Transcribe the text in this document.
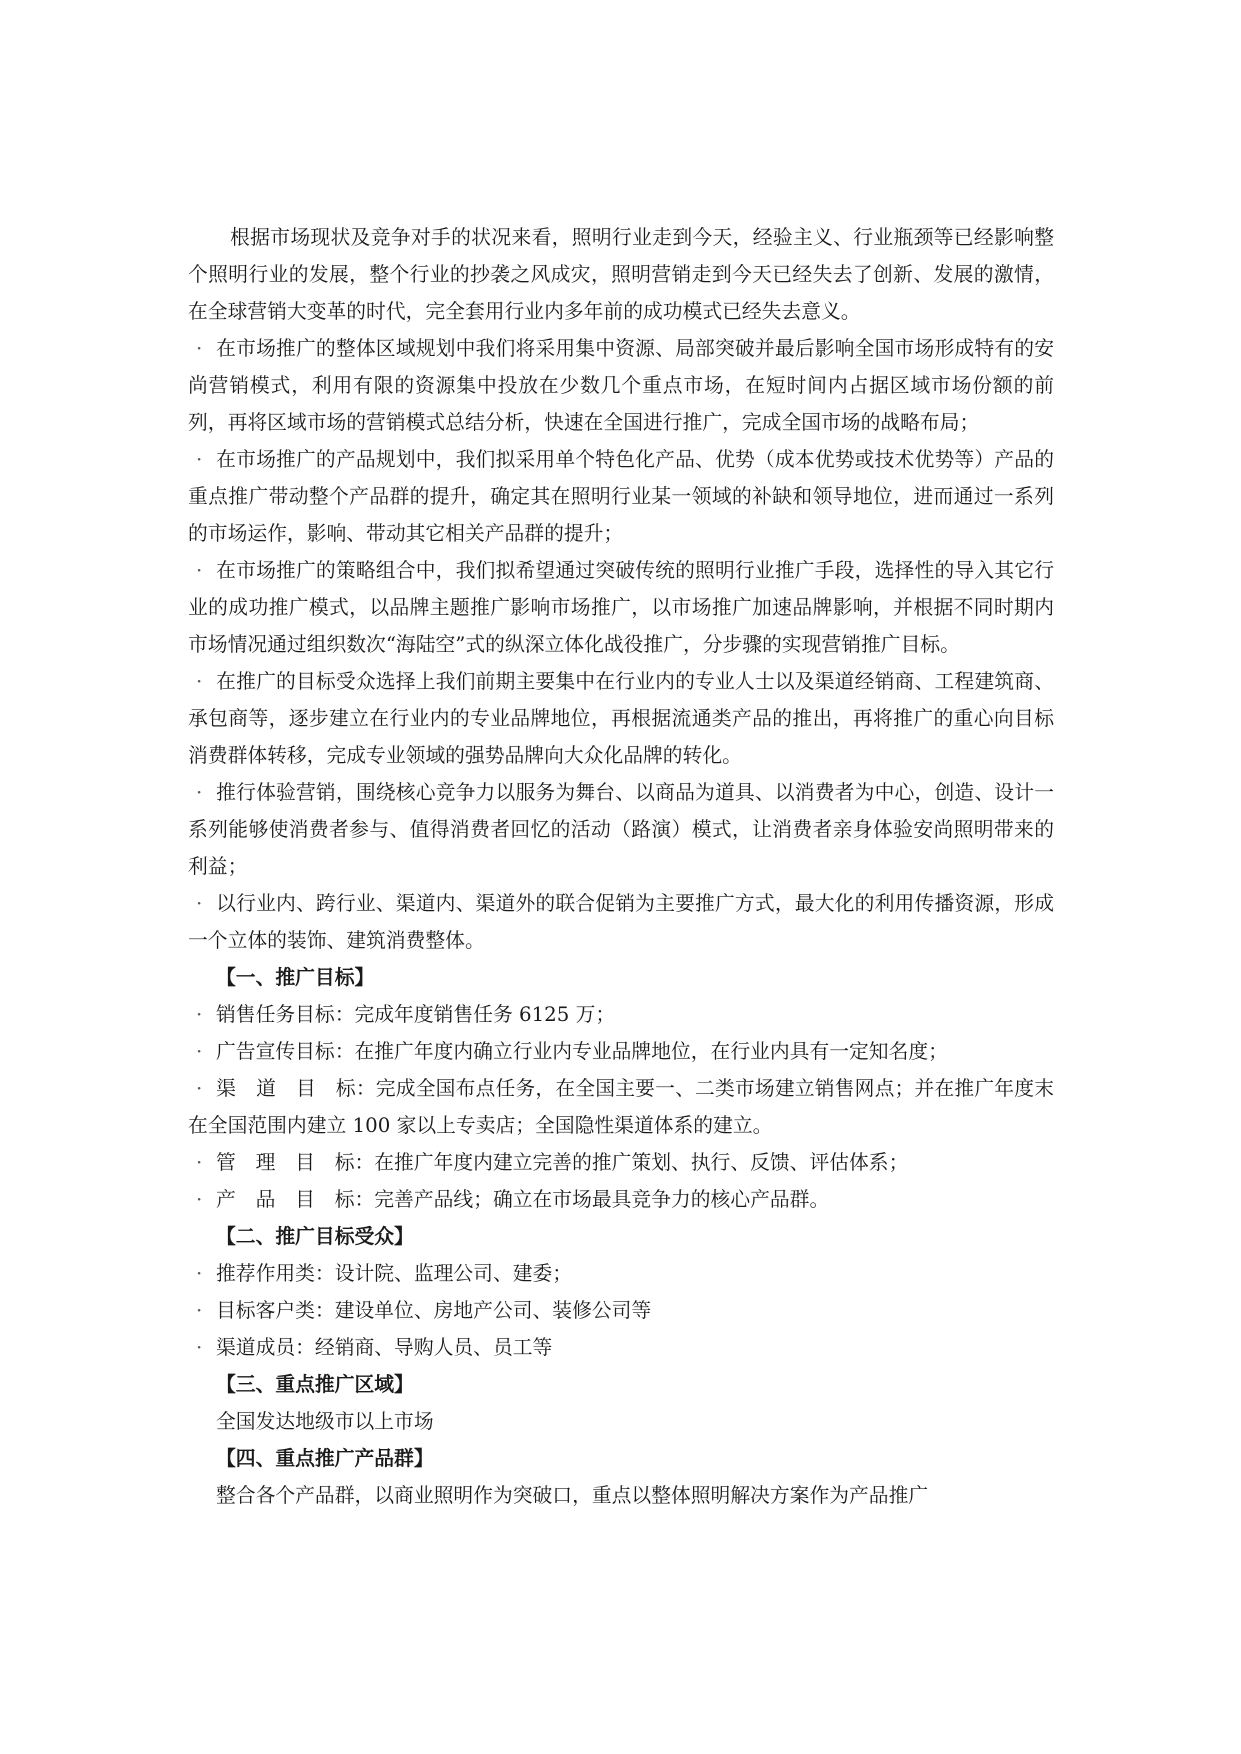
根据市场现状及竞争对手的状况来看，照明行业走到今天，经验主义、行业瓶颈等已经影响整个照明行业的发展，整个行业的抄袭之风成灾，照明营销走到今天已经失去了创新、发展的激情，在全球营销大变革的时代，完全套用行业内多年前的成功模式已经失去意义。

· 在市场推广的整体区域规划中我们将采用集中资源、局部突破并最后影响全国市场形成特有的安尚营销模式，利用有限的资源集中投放在少数几个重点市场，在短时间内占据区域市场份额的前列，再将区域市场的营销模式总结分析，快速在全国进行推广，完成全国市场的战略布局；

· 在市场推广的产品规划中，我们拟采用单个特色化产品、优势（成本优势或技术优势等）产品的重点推广带动整个产品群的提升，确定其在照明行业某一领域的补缺和领导地位，进而通过一系列的市场运作，影响、带动其它相关产品群的提升；

· 在市场推广的策略组合中，我们拟希望通过突破传统的照明行业推广手段，选择性的导入其它行业的成功推广模式，以品牌主题推广影响市场推广，以市场推广加速品牌影响，并根据不同时期内市场情况通过组织数次“海陆空”式的纵深立体化战役推广，分步骤的实现营销推广目标。

· 在推广的目标受众选择上我们前期主要集中在行业内的专业人士以及渠道经销商、工程建筑商、承包商等，逐步建立在行业内的专业品牌地位，再根据流通类产品的推出，再将推广的重心向目标消费群体转移，完成专业领域的强势品牌向大众化品牌的转化。

· 推行体验营销，围绕核心竞争力以服务为舞台、以商品为道具、以消费者为中心，创造、设计一系列能够使消费者参与、值得消费者回忆的活动（路演）模式，让消费者亲身体验安尚照明带来的利益；

· 以行业内、跨行业、渠道内、渠道外的联合促销为主要推广方式，最大化的利用传播资源，形成一个立体的装饰、建筑消费整体。

【一、推广目标】

· 销售任务目标：完成年度销售任务 6125 万；

· 广告宣传目标：在推广年度内确立行业内专业品牌地位，在行业内具有一定知名度；

· 渠　道　目　标：完成全国布点任务，在全国主要一、二类市场建立销售网点；并在推广年度末在全国范围内建立 100 家以上专卖店；全国隐性渠道体系的建立。

· 管　理　目　标：在推广年度内建立完善的推广策划、执行、反馈、评估体系；

· 产　品　目　标：完善产品线；确立在市场最具竞争力的核心产品群。

【二、推广目标受众】

· 推荐作用类：设计院、监理公司、建委；

· 目标客户类：建设单位、房地产公司、装修公司等

· 渠道成员：经销商、导购人员、员工等

【三、重点推广区域】

全国发达地级市以上市场

【四、重点推广产品群】

整合各个产品群，以商业照明作为突破口，重点以整体照明解决方案作为产品推广
